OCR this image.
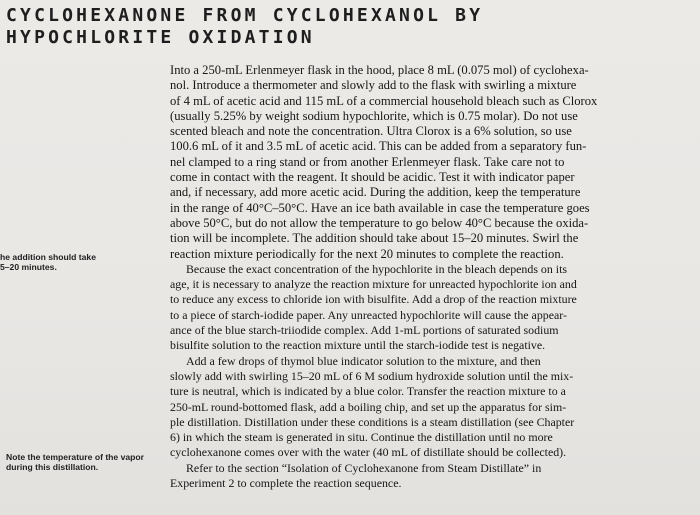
CYCLOHEXANONE FROM CYCLOHEXANOL BY
HYPOCHLORITE OXIDATION
he addition should take
5–20 minutes.
Note the temperature of the vapor
during this distillation.
Into a 250-mL Erlenmeyer flask in the hood, place 8 mL (0.075 mol) of cyclohexa-
nol. Introduce a thermometer and slowly add to the flask with swirling a mixture
of 4 mL of acetic acid and 115 mL of a commercial household bleach such as Clorox
(usually 5.25% by weight sodium hypochlorite, which is 0.75 molar). Do not use
scented bleach and note the concentration. Ultra Clorox is a 6% solution, so use
100.6 mL of it and 3.5 mL of acetic acid. This can be added from a separatory fun-
nel clamped to a ring stand or from another Erlenmeyer flask. Take care not to
come in contact with the reagent. It should be acidic. Test it with indicator paper
and, if necessary, add more acetic acid. During the addition, keep the temperature
in the range of 40°C–50°C. Have an ice bath available in case the temperature goes
above 50°C, but do not allow the temperature to go below 40°C because the oxida-
tion will be incomplete. The addition should take about 15–20 minutes. Swirl the
reaction mixture periodically for the next 20 minutes to complete the reaction.
Because the exact concentration of the hypochlorite in the bleach depends on its
age, it is necessary to analyze the reaction mixture for unreacted hypochlorite ion and
to reduce any excess to chloride ion with bisulfite. Add a drop of the reaction mixture
to a piece of starch-iodide paper. Any unreacted hypochlorite will cause the appear-
ance of the blue starch-triiodide complex. Add 1-mL portions of saturated sodium
bisulfite solution to the reaction mixture until the starch-iodide test is negative.
Add a few drops of thymol blue indicator solution to the mixture, and then
slowly add with swirling 15–20 mL of 6 M sodium hydroxide solution until the mix-
ture is neutral, which is indicated by a blue color. Transfer the reaction mixture to a
250-mL round-bottomed flask, add a boiling chip, and set up the apparatus for sim-
ple distillation. Distillation under these conditions is a steam distillation (see Chapter
6) in which the steam is generated in situ. Continue the distillation until no more
cyclohexanone comes over with the water (40 mL of distillate should be collected).
Refer to the section “Isolation of Cyclohexanone from Steam Distillate” in
Experiment 2 to complete the reaction sequence.
